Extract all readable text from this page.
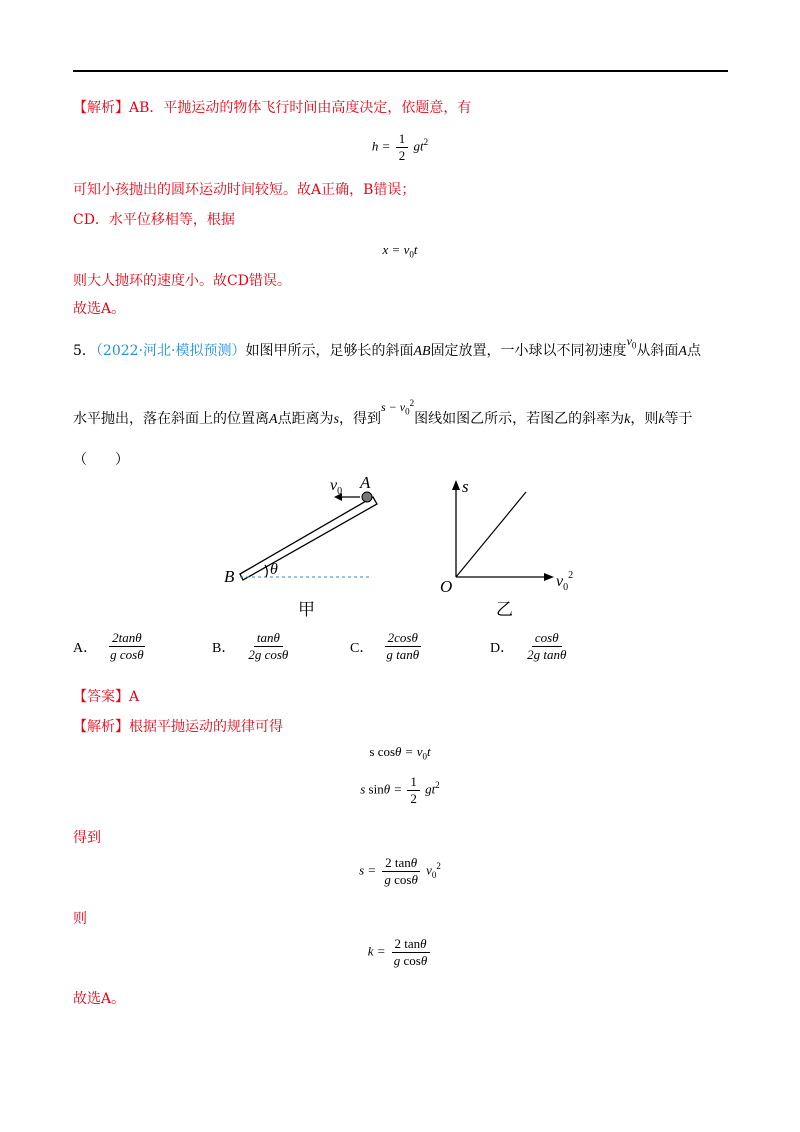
【解析】AB．平抛运动的物体飞行时间由高度决定，依题意，有
$h = \frac{1}{2} gt^2$
可知小孩抛出的圆环运动时间较短。故A正确，B错误；
CD．水平位移相等，根据
$x = v_0t$
则大人抛环的速度小。故CD错误。
故选A。
5．（2022·河北·模拟预测）如图甲所示，足够长的斜面AB固定放置，一小球以不同初速度$v_0$从斜面A点
水平抛出，落在斜面上的位置离A点距离为s，得到$s - v_0^2$图线如图乙所示，若图乙的斜率为k，则k等于
（　　）
$v_0$ A
B θ
甲
s
O	$v_0^2$
乙
A． $\frac{2\tan\theta}{\text{g cosθ}}$	B． $\frac{\tan\theta}{\text{2g cosθ}}$	C． $\frac{2\cos\theta}{\text{g tanθ}}$	D． $\frac{\cos\theta}{\text{2g tanθ}}$
【答案】A
【解析】根据平抛运动的规律可得
s $\cos\theta = v_0t$
s $\sin\theta = \frac{1}{2} gt^2$
得到
$s = \frac{2 \tan\theta}{\text{g cosθ}} v_0^2$
则
$k = \frac{2 \tan\theta}{\text{g cosθ}}$
故选A。
